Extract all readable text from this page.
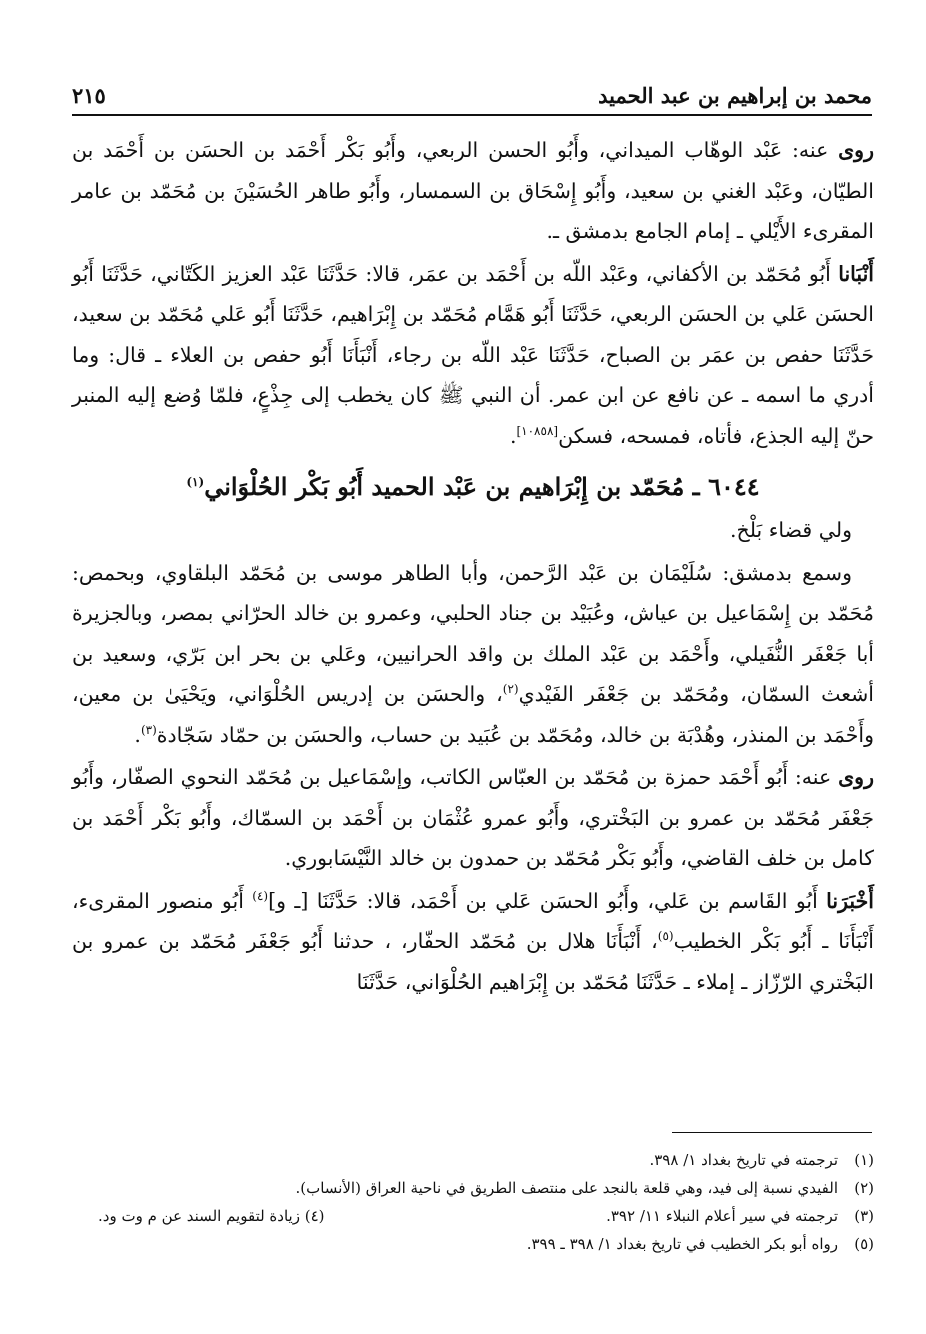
محمد بن إبراهيم بن عبد الحميد
٢١٥

روى عنه: عَبْد الوهّاب الميداني، وأَبُو الحسن الربعي، وأَبُو بَكْر أَحْمَد بن الحسَن بن أَحْمَد بن الطيّان، وعَبْد الغني بن سعيد، وأَبُو إِسْحَاق بن السمسار، وأَبُو طاهر الحُسَيْنَ بن مُحَمّد بن عامر المقرىء الأَيْلي ـ إمام الجامع بدمشق ـ.

أَنْبَانا أَبُو مُحَمّد بن الأكفاني، وعَبْد اللّه بن أَحْمَد بن عمَر، قالا: حَدَّثَنَا عَبْد العزيز الكَتّاني، حَدَّثَنَا أَبُو الحسَن عَلي بن الحسَن الربعي، حَدَّثَنَا أَبُو هَمَّام مُحَمّد بن إِبْرَاهيم، حَدَّثَنَا أَبُو عَلي مُحَمّد بن سعيد، حَدَّثَنَا حفص بن عمَر بن الصباح، حَدَّثَنَا عَبْد اللّه بن رجاء، أَنْبَأَنَا أَبُو حفص بن العلاء ـ قال: وما أدري ما اسمه ـ عن نافع عن ابن عمر. أن النبي ﷺ كان يخطب إلى جِذْعٍ، فلمّا وُضع إليه المنبر حنّ إليه الجذع، فأتاه، فمسحه، فسكن[١٠٨٥٨].

٦٠٤٤ ـ مُحَمّد بن إِبْرَاهيم بن عَبْد الحميد أَبُو بَكْر الحُلْوَاني$^{(١)}$

ولي قضاء بَلْخ.

وسمع بدمشق: سُلَيْمَان بن عَبْد الرَّحمن، وأبا الطاهر موسى بن مُحَمّد البلقاوي، وبحمص: مُحَمّد بن إِسْمَاعيل بن عياش، وعُبَيْد بن جناد الحلبي، وعمرو بن خالد الحرّاني بمصر، وبالجزيرة أبا جَعْفَر النُّفَيلي، وأَحْمَد بن عَبْد الملك بن واقد الحرانيين، وعَلي بن بحر ابن بَرّي، وسعيد بن أشعث السمّان، ومُحَمّد بن جَعْفَر الفَيْدي$^{(٢)}$، والحسَن بن إدريس الحُلْوَاني، ويَحْيَىٰ بن معين، وأَحْمَد بن المنذر، وهُدْبَة بن خالد، ومُحَمّد بن عُبَيد بن حساب، والحسَن بن حمّاد سَجّادة$^{(٣)}$.

روى عنه: أَبُو أَحْمَد حمزة بن مُحَمّد بن العبّاس الكاتب، وإسْمَاعيل بن مُحَمّد النحوي الصفّار، وأَبُو جَعْفَر مُحَمّد بن عمرو بن البَخْتري، وأَبُو عمرو عُثْمَان بن أَحْمَد بن السمّاك، وأَبُو بَكْر أَحْمَد بن كامل بن خلف القاضي، وأَبُو بَكْر مُحَمّد بن حمدون بن خالد النَّيْسَابوري.

أَخْبَرَنا أَبُو القَاسم بن عَلي، وأَبُو الحسَن عَلي بن أَحْمَد، قالا: حَدَّثَنَا [ـ و]$^{(٤)}$ أَبُو منصور المقرىء، أَنْبَأَنَا ـ أَبُو بَكْر الخطيب$^{(٥)}$، أَنْبَأَنَا هلال بن مُحَمّد الحفّار، ، حدثنا أَبُو جَعْفَر مُحَمّد بن عمرو بن البَخْتري الرّزّاز ـ إملاء ـ حَدَّثَنَا مُحَمّد بن إِبْرَاهيم الحُلْوَاني، حَدَّثَنَا

(١)
ترجمته في تاريخ بغداد ١/ ٣٩٨.
(٢)
الفيدي نسبة إلى فيد، وهي قلعة بالنجد على منتصف الطريق في ناحية العراق (الأنساب).
(٣)
ترجمته في سير أعلام النبلاء ١١/ ٣٩٢.
(٤) زيادة لتقويم السند عن م وت ود.
(٥)
رواه أبو بكر الخطيب في تاريخ بغداد ١/ ٣٩٨ ـ ٣٩٩.
